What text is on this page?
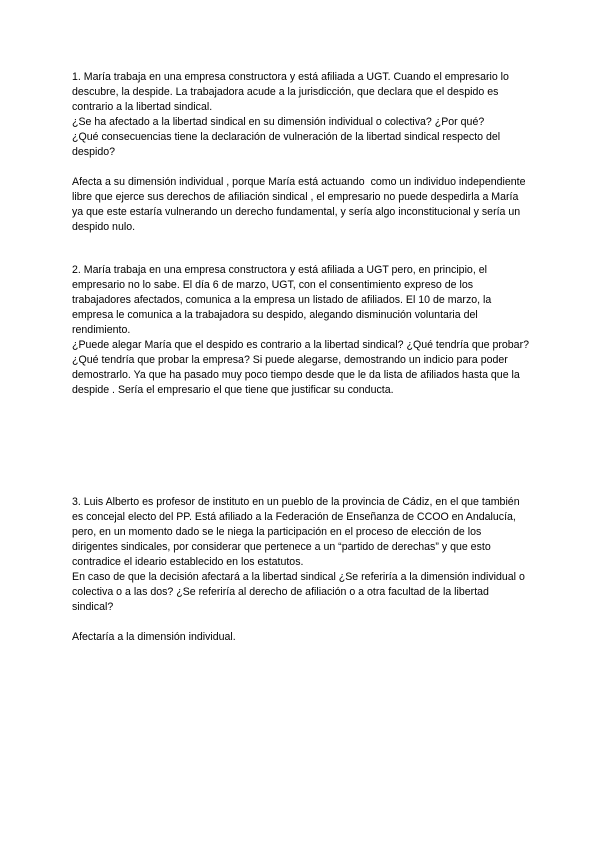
1. María trabaja en una empresa constructora y está afiliada a UGT. Cuando el empresario lo descubre, la despide. La trabajadora acude a la jurisdicción, que declara que el despido es contrario a la libertad sindical.

¿Se ha afectado a la libertad sindical en su dimensión individual o colectiva? ¿Por qué?

¿Qué consecuencias tiene la declaración de vulneración de la libertad sindical respecto del despido?

Afecta a su dimensión individual , porque María está actuando  como un individuo independiente libre que ejerce sus derechos de afiliación sindical , el empresario no puede despedirla a María ya que este estaría vulnerando un derecho fundamental, y sería algo inconstitucional y sería un despido nulo.

2. María trabaja en una empresa constructora y está afiliada a UGT pero, en principio, el empresario no lo sabe. El día 6 de marzo, UGT, con el consentimiento expreso de los trabajadores afectados, comunica a la empresa un listado de afiliados. El 10 de marzo, la empresa le comunica a la trabajadora su despido, alegando disminución voluntaria del rendimiento.

¿Puede alegar María que el despido es contrario a la libertad sindical? ¿Qué tendría que probar? ¿Qué tendría que probar la empresa? Si puede alegarse, demostrando un indicio para poder demostrarlo. Ya que ha pasado muy poco tiempo desde que le da lista de afiliados hasta que la despide . Sería el empresario el que tiene que justificar su conducta.

3. Luis Alberto es profesor de instituto en un pueblo de la provincia de Cádiz, en el que también es concejal electo del PP. Está afiliado a la Federación de Enseñanza de CCOO en Andalucía, pero, en un momento dado se le niega la participación en el proceso de elección de los dirigentes sindicales, por considerar que pertenece a un “partido de derechas” y que esto contradice el ideario establecido en los estatutos.

En caso de que la decisión afectará a la libertad sindical ¿Se referiría a la dimensión individual o colectiva o a las dos? ¿Se referiría al derecho de afiliación o a otra facultad de la libertad sindical?

Afectaría a la dimensión individual.
